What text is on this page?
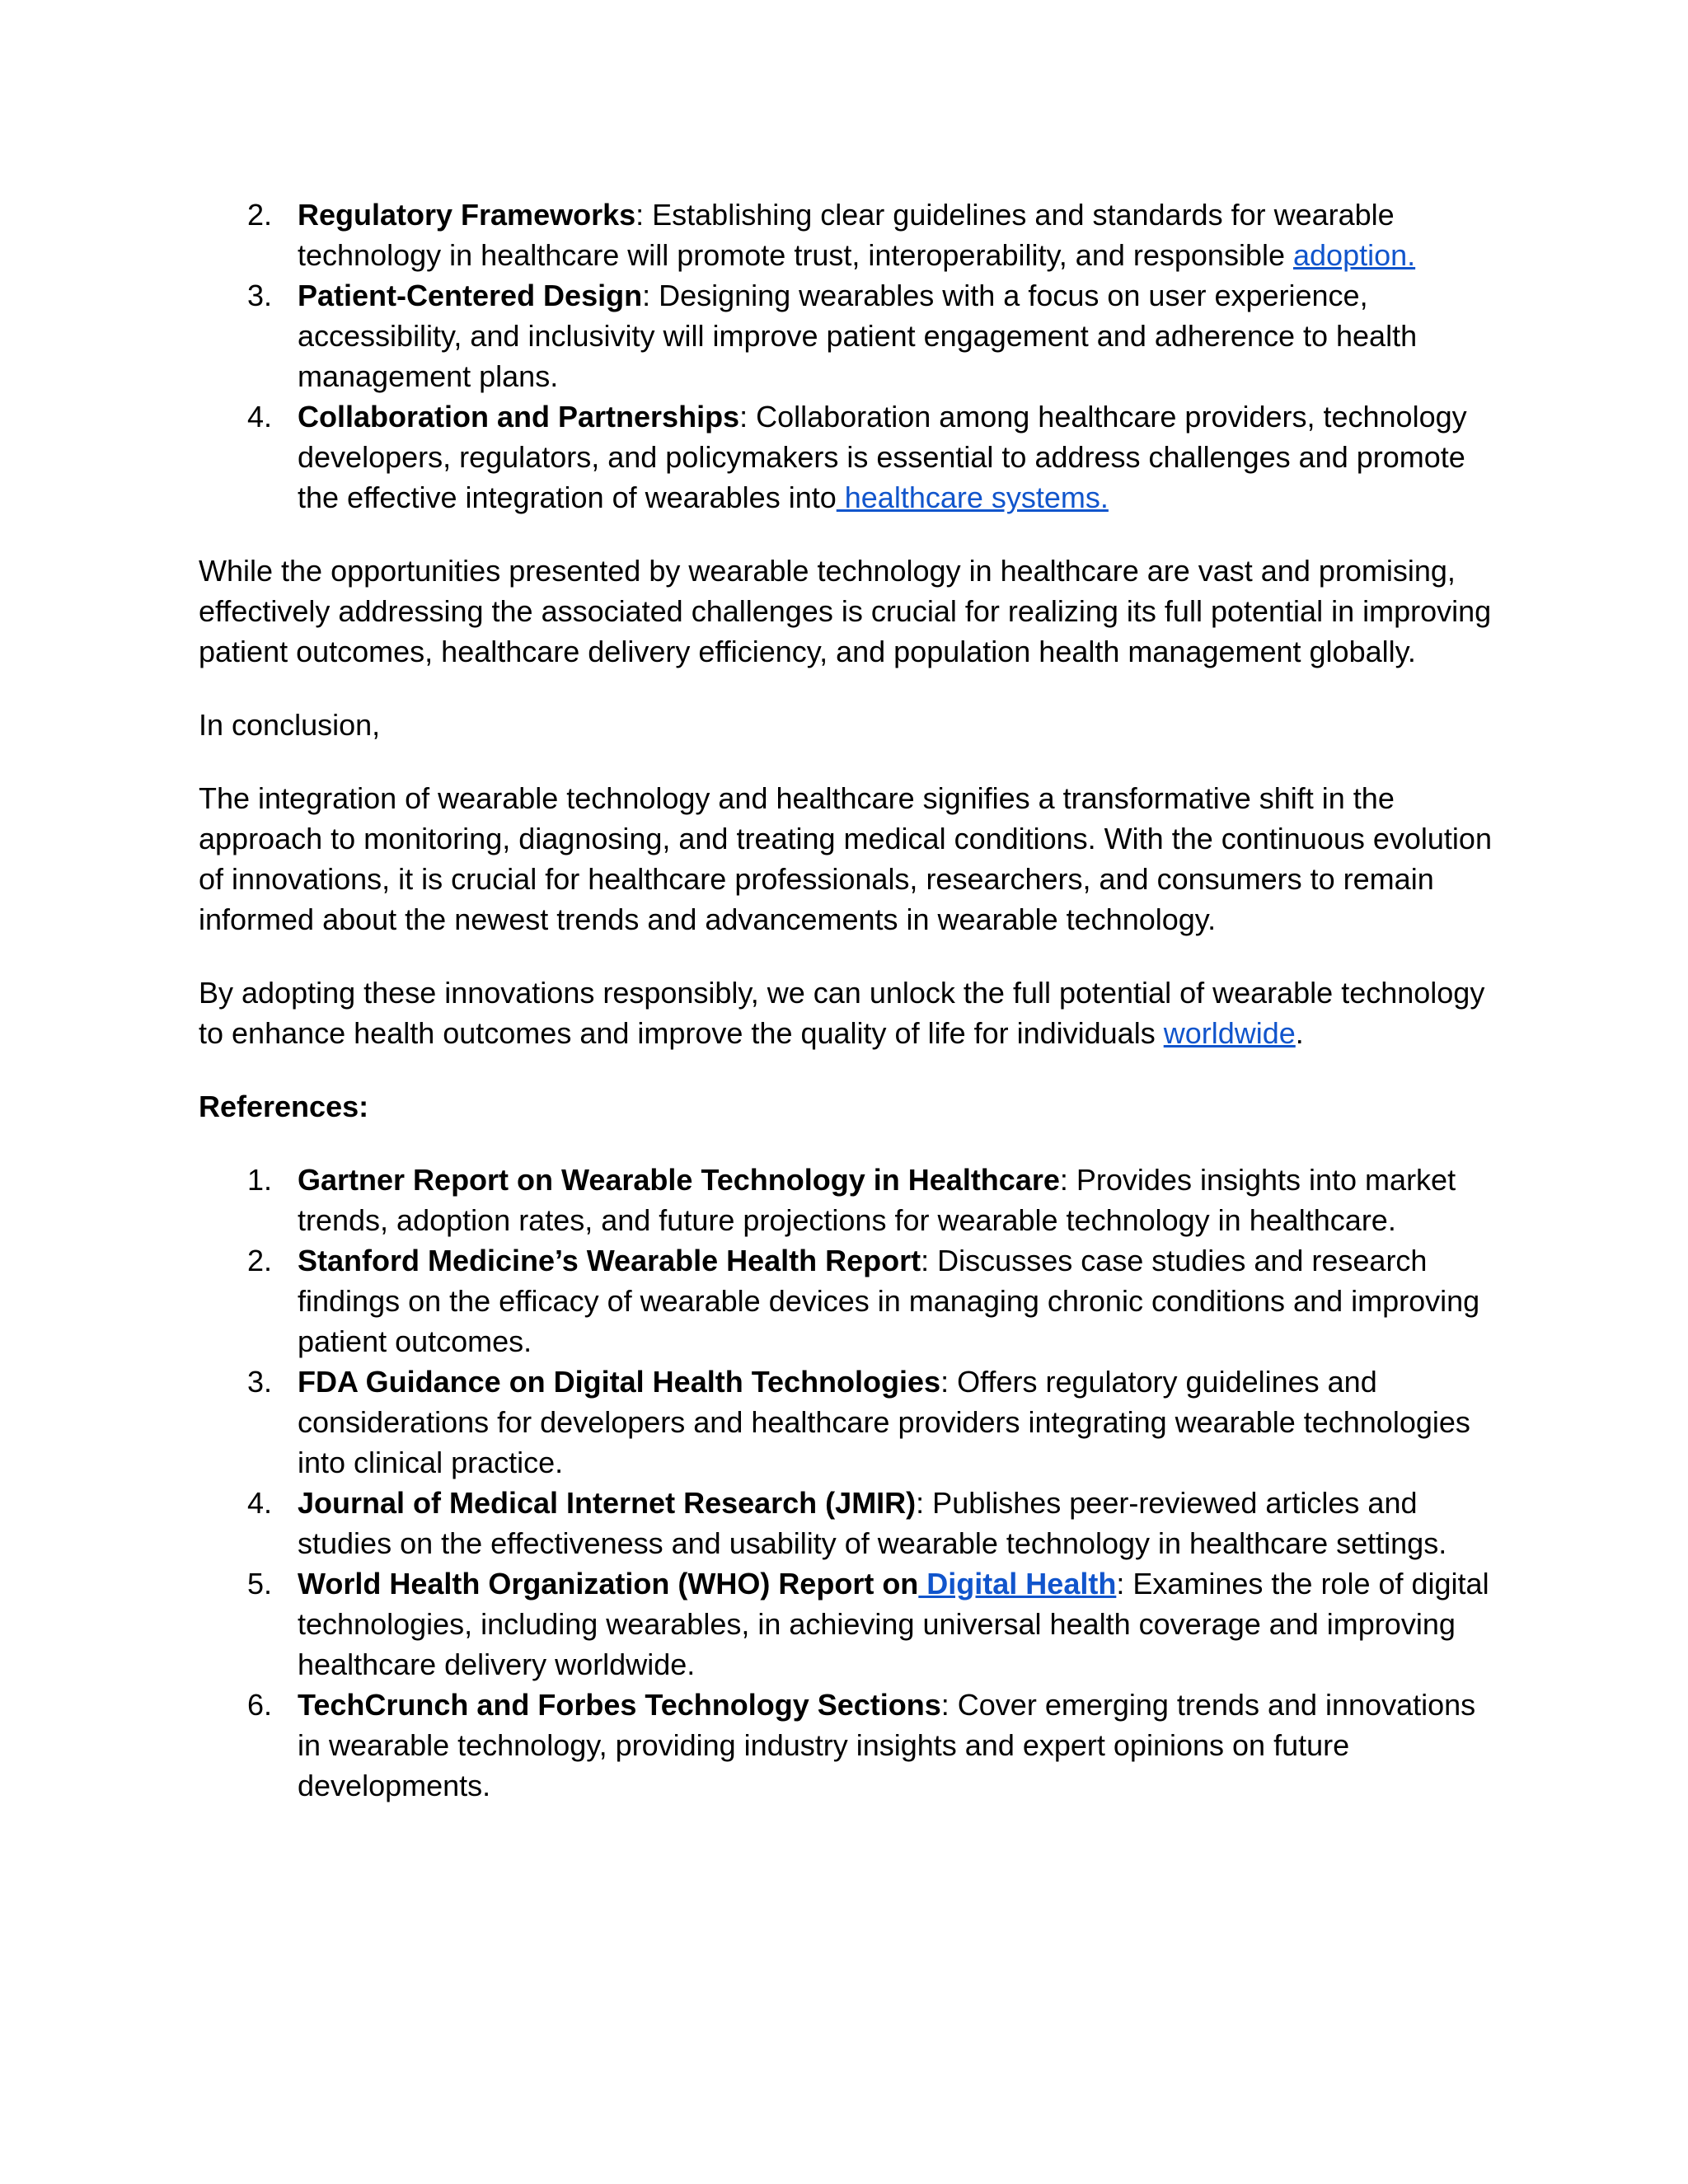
2. Regulatory Frameworks: Establishing clear guidelines and standards for wearable technology in healthcare will promote trust, interoperability, and responsible adoption.
3. Patient-Centered Design: Designing wearables with a focus on user experience, accessibility, and inclusivity will improve patient engagement and adherence to health management plans.
4. Collaboration and Partnerships: Collaboration among healthcare providers, technology developers, regulators, and policymakers is essential to address challenges and promote the effective integration of wearables into healthcare systems.

While the opportunities presented by wearable technology in healthcare are vast and promising, effectively addressing the associated challenges is crucial for realizing its full potential in improving patient outcomes, healthcare delivery efficiency, and population health management globally.

In conclusion,

The integration of wearable technology and healthcare signifies a transformative shift in the approach to monitoring, diagnosing, and treating medical conditions. With the continuous evolution of innovations, it is crucial for healthcare professionals, researchers, and consumers to remain informed about the newest trends and advancements in wearable technology.

By adopting these innovations responsibly, we can unlock the full potential of wearable technology to enhance health outcomes and improve the quality of life for individuals worldwide.

References:

1. Gartner Report on Wearable Technology in Healthcare: Provides insights into market trends, adoption rates, and future projections for wearable technology in healthcare.
2. Stanford Medicine’s Wearable Health Report: Discusses case studies and research findings on the efficacy of wearable devices in managing chronic conditions and improving patient outcomes.
3. FDA Guidance on Digital Health Technologies: Offers regulatory guidelines and considerations for developers and healthcare providers integrating wearable technologies into clinical practice.
4. Journal of Medical Internet Research (JMIR): Publishes peer-reviewed articles and studies on the effectiveness and usability of wearable technology in healthcare settings.
5. World Health Organization (WHO) Report on Digital Health: Examines the role of digital technologies, including wearables, in achieving universal health coverage and improving healthcare delivery worldwide.
6. TechCrunch and Forbes Technology Sections: Cover emerging trends and innovations in wearable technology, providing industry insights and expert opinions on future developments.
